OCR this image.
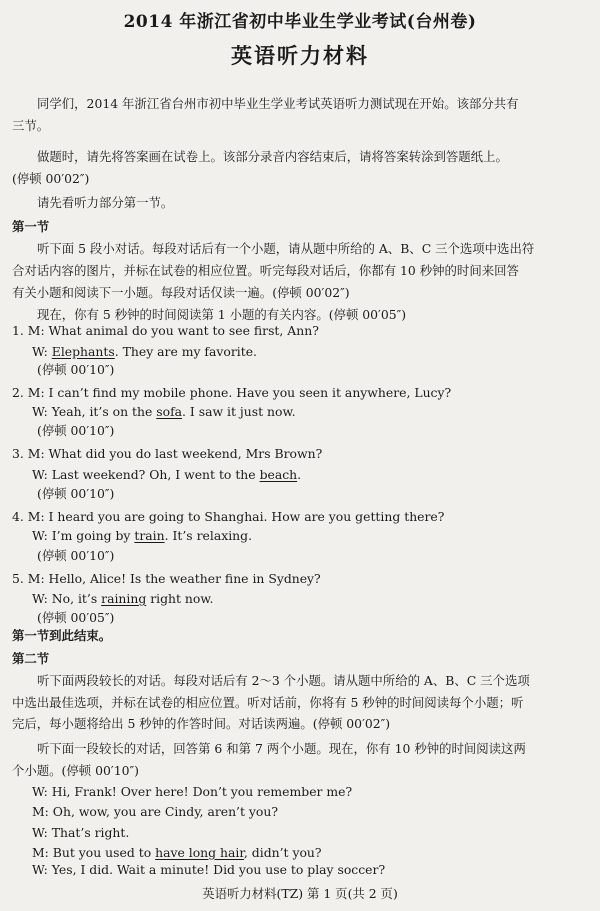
2014 年浙江省初中毕业生学业考试(台州卷)
英语听力材料
同学们，2014 年浙江省台州市初中毕业生学业考试英语听力测试现在开始。该部分共有
三节。
做题时，请先将答案画在试卷上。该部分录音内容结束后，请将答案转涂到答题纸上。
(停顿 00′02″)
请先看听力部分第一节。
第一节
听下面 5 段小对话。每段对话后有一个小题，请从题中所给的 A、B、C 三个选项中选出符
合对话内容的图片，并标在试卷的相应位置。听完每段对话后，你都有 10 秒钟的时间来回答
有关小题和阅读下一小题。每段对话仅读一遍。(停顿 00′02″)
现在，你有 5 秒钟的时间阅读第 1 小题的有关内容。(停顿 00′05″)
1. M: What animal do you want to see first, Ann?
W: Elephants. They are my favorite.
(停顿 00′10″)
2. M: I can’t find my mobile phone. Have you seen it anywhere, Lucy?
W: Yeah, it’s on the sofa. I saw it just now.
(停顿 00′10″)
3. M: What did you do last weekend, Mrs Brown?
W: Last weekend? Oh, I went to the beach.
(停顿 00′10″)
4. M: I heard you are going to Shanghai. How are you getting there?
W: I’m going by train. It’s relaxing.
(停顿 00′10″)
5. M: Hello, Alice! Is the weather fine in Sydney?
W: No, it’s raining right now.
(停顿 00′05″)
第一节到此结束。
第二节
听下面两段较长的对话。每段对话后有 2～3 个小题。请从题中所给的 A、B、C 三个选项
中选出最佳选项，并标在试卷的相应位置。听对话前，你将有 5 秒钟的时间阅读每个小题；听
完后，每小题将给出 5 秒钟的作答时间。对话读两遍。(停顿 00′02″)
听下面一段较长的对话，回答第 6 和第 7 两个小题。现在，你有 10 秒钟的时间阅读这两
个小题。(停顿 00′10″)
W: Hi, Frank! Over here! Don’t you remember me?
M: Oh, wow, you are Cindy, aren’t you?
W: That’s right.
M: But you used to have long hair, didn’t you?
W: Yes, I did. Wait a minute! Did you use to play soccer?
英语听力材料(TZ) 第 1 页(共 2 页)
